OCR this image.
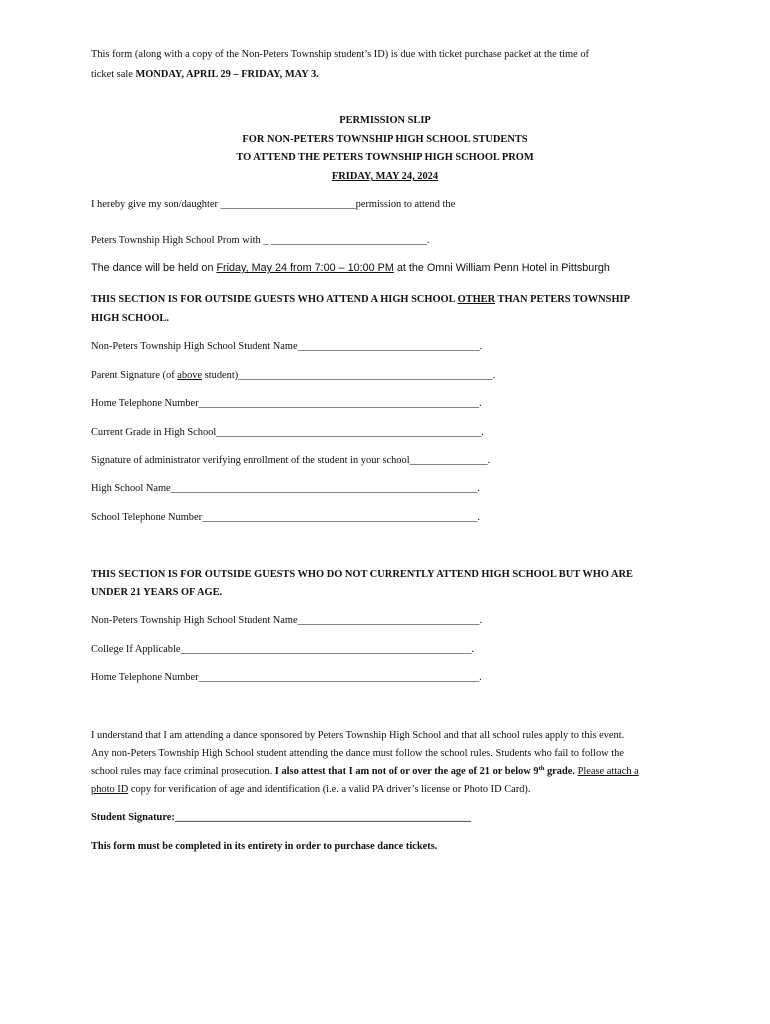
This form (along with a copy of the Non-Peters Township student’s ID) is due with ticket purchase packet at the time of
ticket sale MONDAY, APRIL 29 – FRIDAY, MAY 3.
PERMISSION SLIP
FOR NON-PETERS TOWNSHIP HIGH SCHOOL STUDENTS
TO ATTEND THE PETERS TOWNSHIP HIGH SCHOOL PROM
FRIDAY, MAY 24, 2024
I hereby give my son/daughter __________________________permission to attend the
Peters Township High School Prom with _ ______________________________.
The dance will be held on Friday, May 24 from 7:00 – 10:00 PM at the Omni William Penn Hotel in Pittsburgh
THIS SECTION IS FOR OUTSIDE GUESTS WHO ATTEND A HIGH SCHOOL OTHER THAN PETERS TOWNSHIP
HIGH SCHOOL.
Non-Peters Township High School Student Name___________________________________.
Parent Signature (of above student)_________________________________________________.
Home Telephone Number______________________________________________________.
Current Grade in High School___________________________________________________.
Signature of administrator verifying enrollment of the student in your school_______________.
High School Name___________________________________________________________.
School Telephone Number_____________________________________________________.
THIS SECTION IS FOR OUTSIDE GUESTS WHO DO NOT CURRENTLY ATTEND HIGH SCHOOL BUT WHO ARE
UNDER 21 YEARS OF AGE.
Non-Peters Township High School Student Name___________________________________.
College If Applicable________________________________________________________.
Home Telephone Number______________________________________________________.
I understand that I am attending a dance sponsored by Peters Township High School and that all school rules apply to this event.
Any non-Peters Township High School student attending the dance must follow the school rules. Students who fail to follow the
school rules may face criminal prosecution. I also attest that I am not of or over the age of 21 or below 9th grade. Please attach a
photo ID copy for verification of age and identification (i.e. a valid PA driver’s license or Photo ID Card).
Student Signature:_________________________________________________________
This form must be completed in its entirety in order to purchase dance tickets.
